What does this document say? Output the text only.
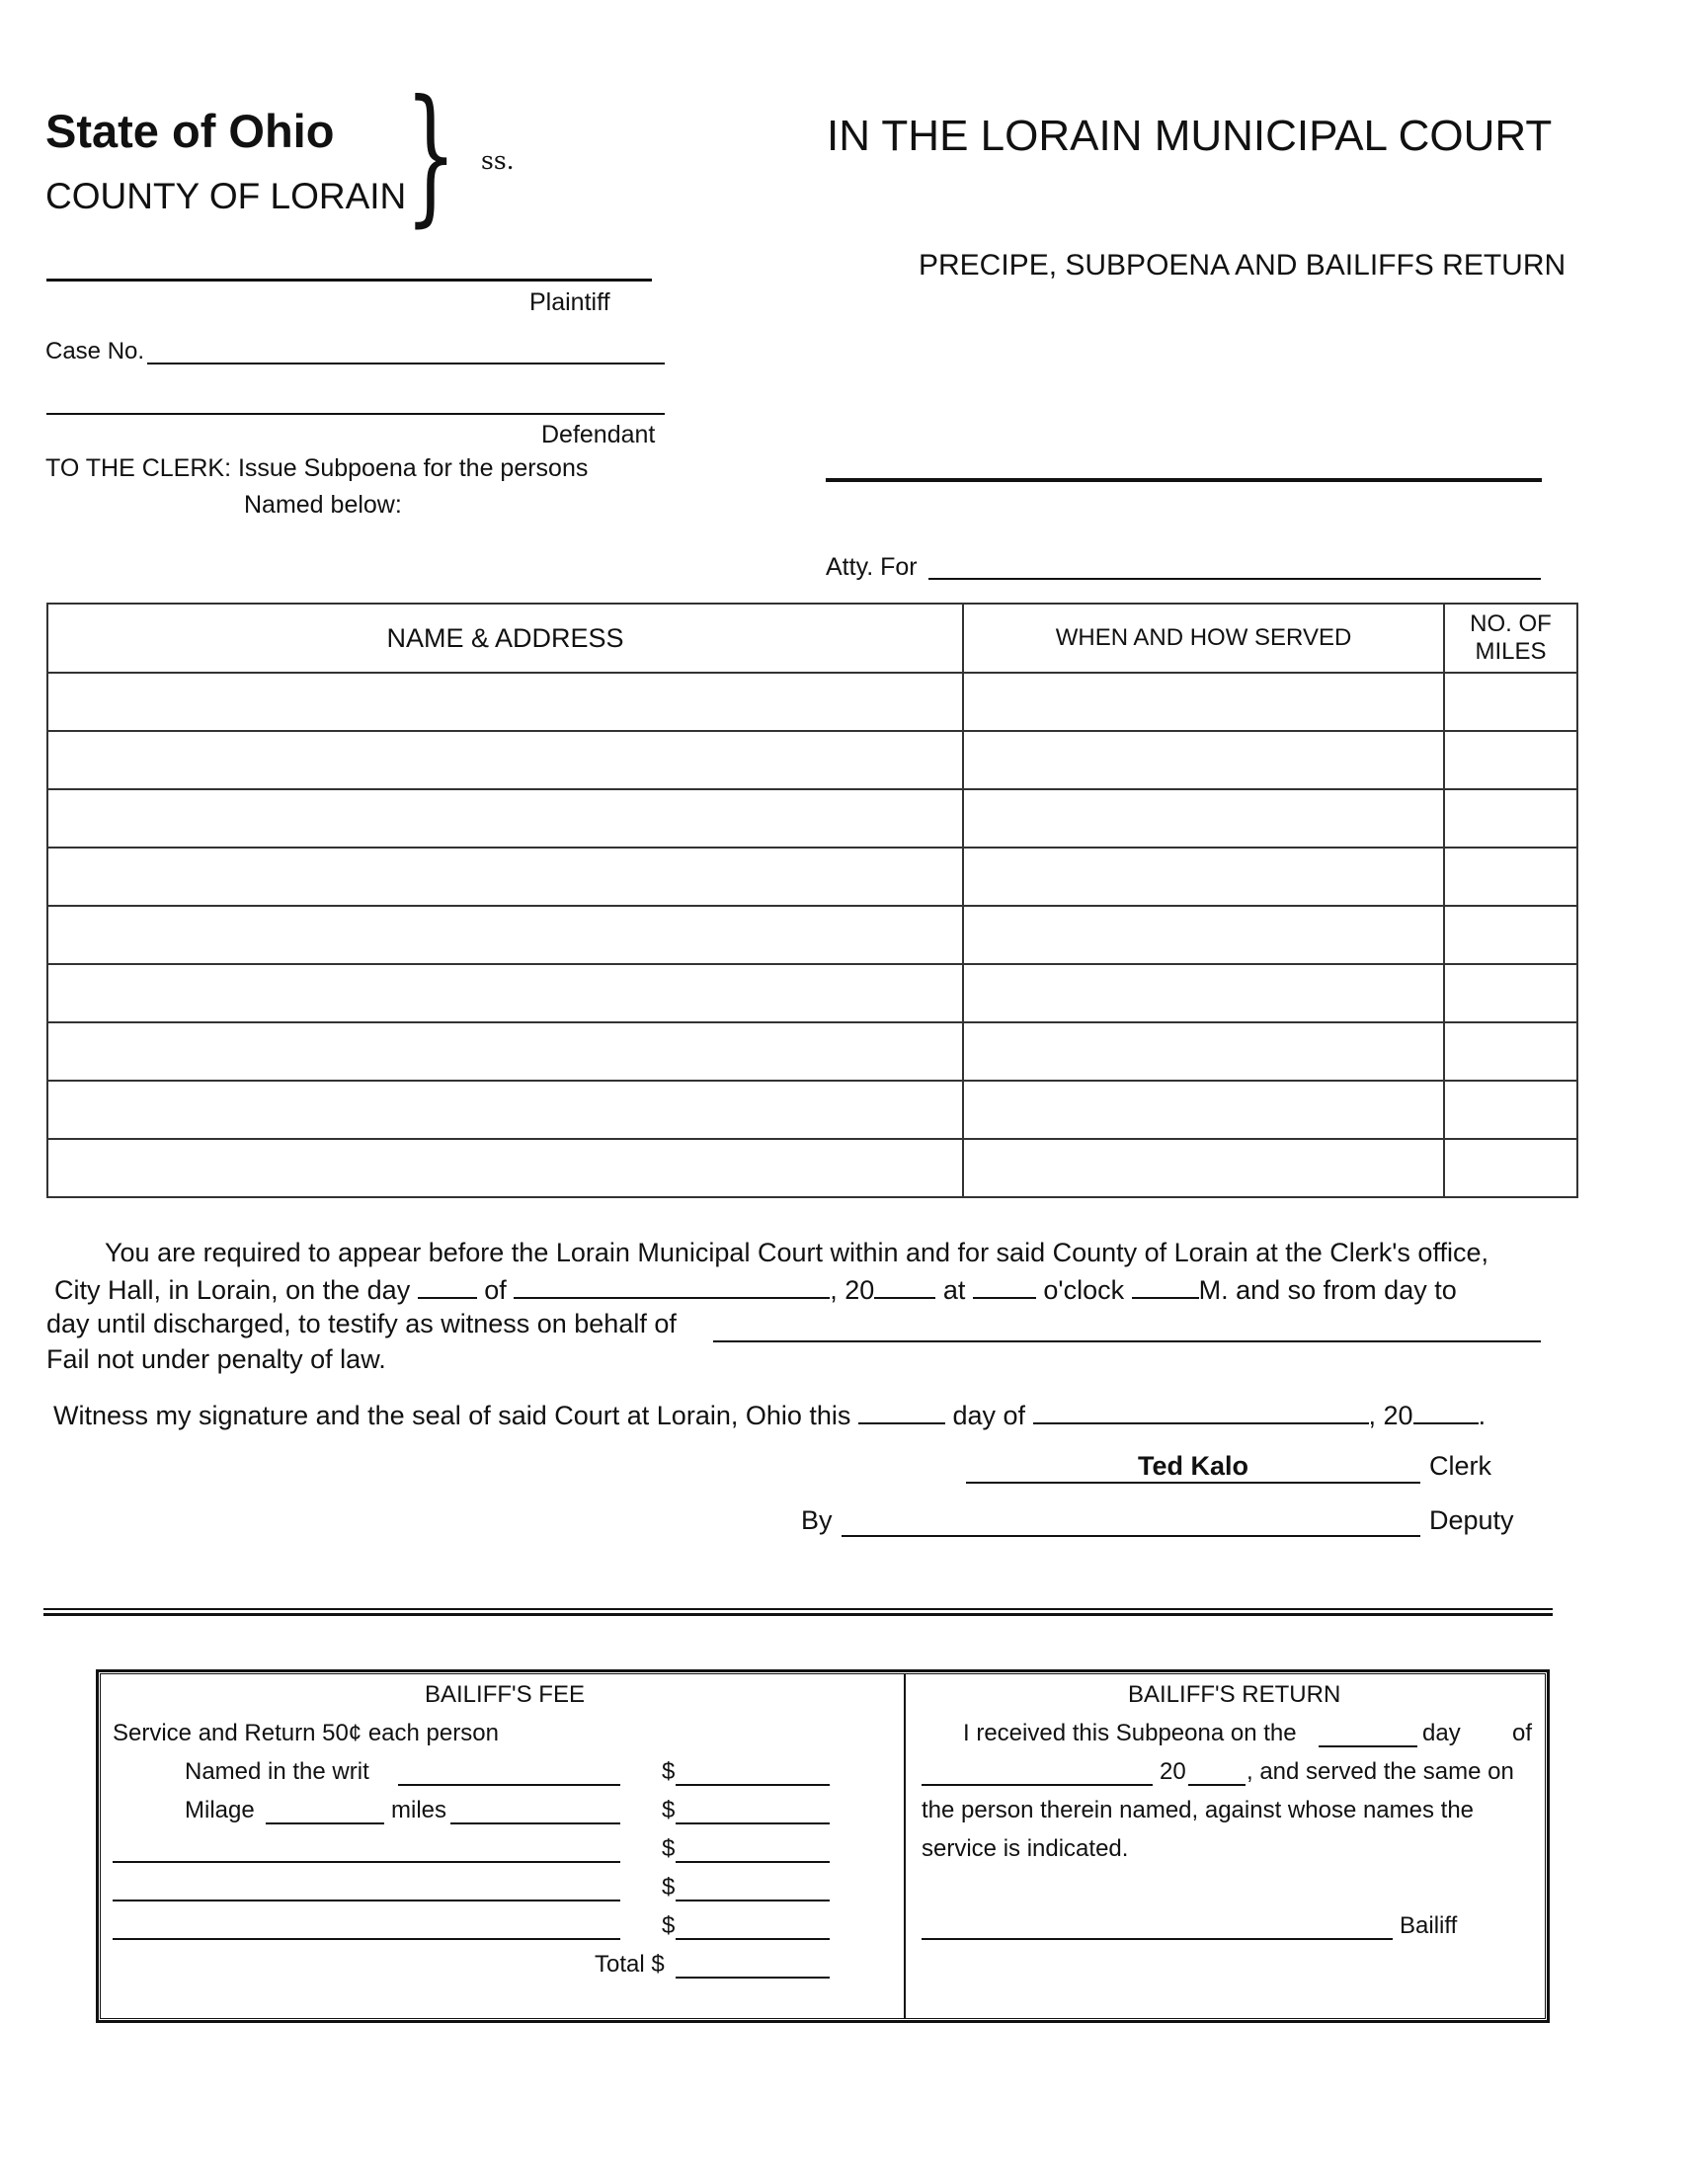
State of Ohio
COUNTY OF LORAIN
} ss.
IN THE LORAIN MUNICIPAL COURT
PRECIPE, SUBPOENA AND BAILIFFS RETURN
Plaintiff
Case No.
Defendant
TO THE CLERK: Issue Subpoena for the persons
Named below:
Atty. For
NAME & ADDRESS	WHEN AND HOW SERVED	NO. OF MILES

You are required to appear before the Lorain Municipal Court within and for said County of Lorain at the Clerk's office,
City Hall, in Lorain, on the day	of	, 20	at	o'clock	M. and so from day to
day until discharged, to testify as witness on behalf of
Fail not under penalty of law.
Witness my signature and the seal of said Court at Lorain, Ohio this	day of	, 20 .
Ted Kalo	Clerk
By	Deputy
BAILIFF'S FEE
Service and Return 50¢ each person
Named in the writ	$
Milage	miles	$
$
$
$
Total $
BAILIFF'S RETURN
I received this Subpeona on the	day of
20	, and served the same on
the person therein named, against whose names the
service is indicated.
Bailiff
